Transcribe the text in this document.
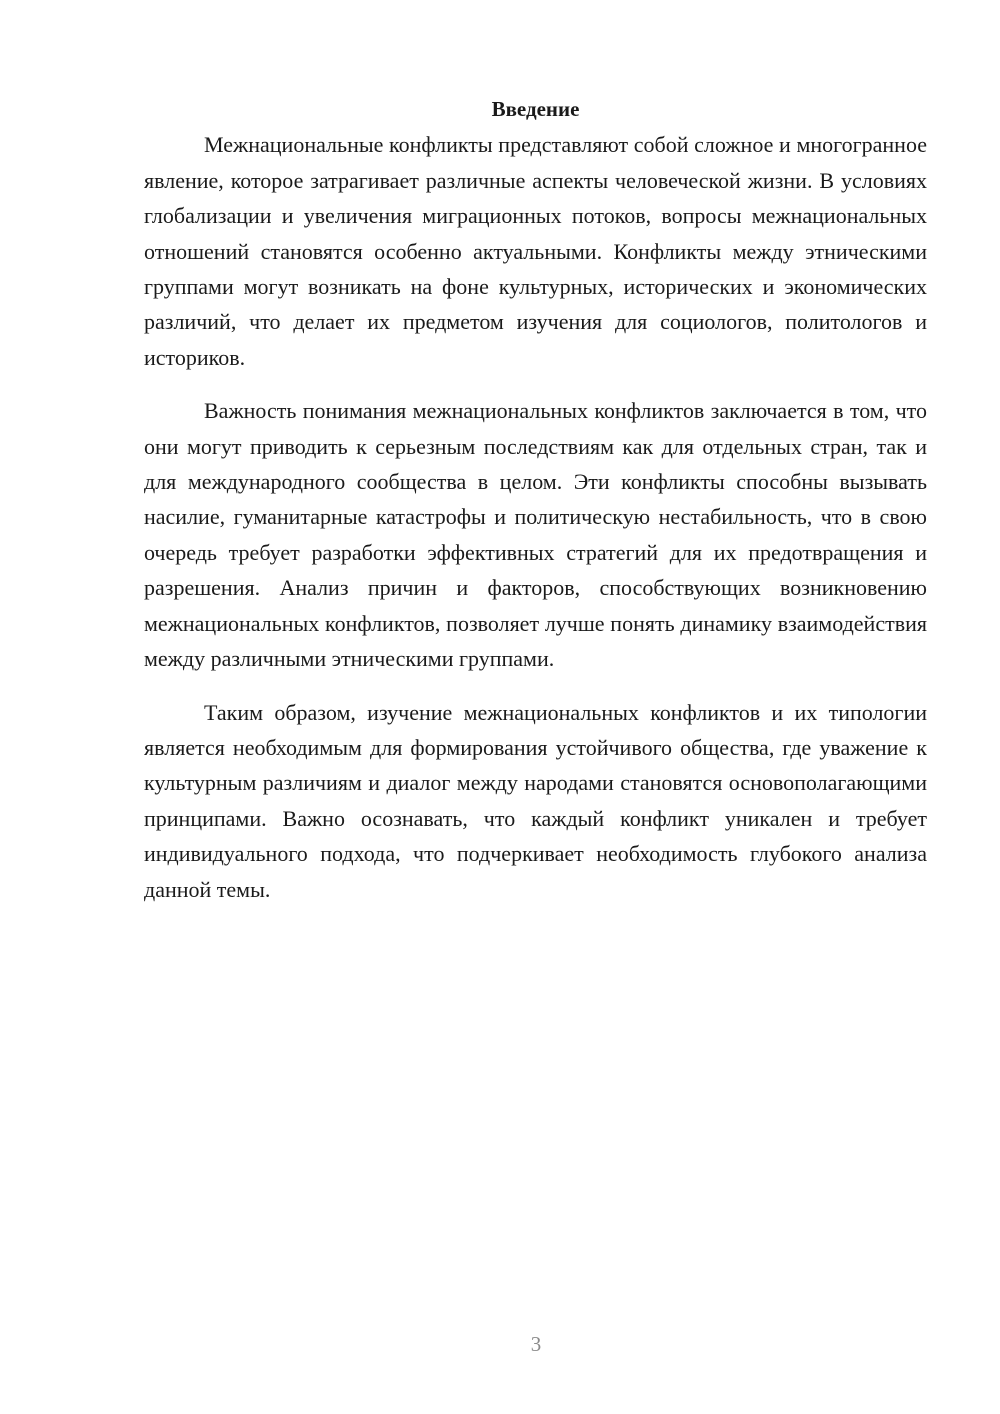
Введение

Межнациональные конфликты представляют собой сложное и многогранное явление, которое затрагивает различные аспекты человеческой жизни. В условиях глобализации и увеличения миграционных потоков, вопросы межнациональных отношений становятся особенно актуальными. Конфликты между этническими группами могут возникать на фоне культурных, исторических и экономических различий, что делает их предметом изучения для социологов, политологов и историков.

Важность понимания межнациональных конфликтов заключается в том, что они могут приводить к серьезным последствиям как для отдельных стран, так и для международного сообщества в целом. Эти конфликты способны вызывать насилие, гуманитарные катастрофы и политическую нестабильность, что в свою очередь требует разработки эффективных стратегий для их предотвращения и разрешения. Анализ причин и факторов, способствующих возникновению межнациональных конфликтов, позволяет лучше понять динамику взаимодействия между различными этническими группами.

Таким образом, изучение межнациональных конфликтов и их типологии является необходимым для формирования устойчивого общества, где уважение к культурным различиям и диалог между народами становятся основополагающими принципами. Важно осознавать, что каждый конфликт уникален и требует индивидуального подхода, что подчеркивает необходимость глубокого анализа данной темы.

3
